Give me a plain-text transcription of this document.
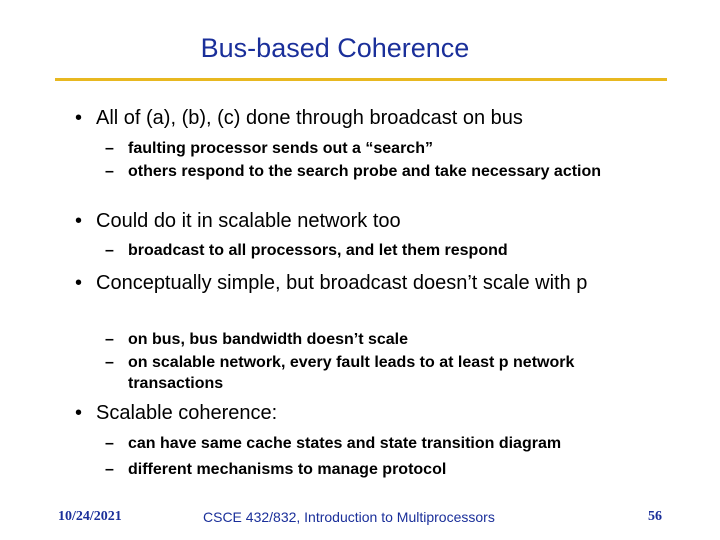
Bus-based Coherence
• All of (a), (b), (c) done through broadcast on bus
– faulting processor sends out a “search”
– others respond to the search probe and take necessary action
• Could do it in scalable network too
– broadcast to all processors, and let them respond
• Conceptually simple, but broadcast doesn’t scale with p
– on bus, bus bandwidth doesn’t scale
– on scalable network, every fault leads to at least p network transactions
• Scalable coherence:
– can have same cache states and state transition diagram
– different mechanisms to manage protocol
10/24/2021	CSCE 432/832, Introduction to Multiprocessors	56
